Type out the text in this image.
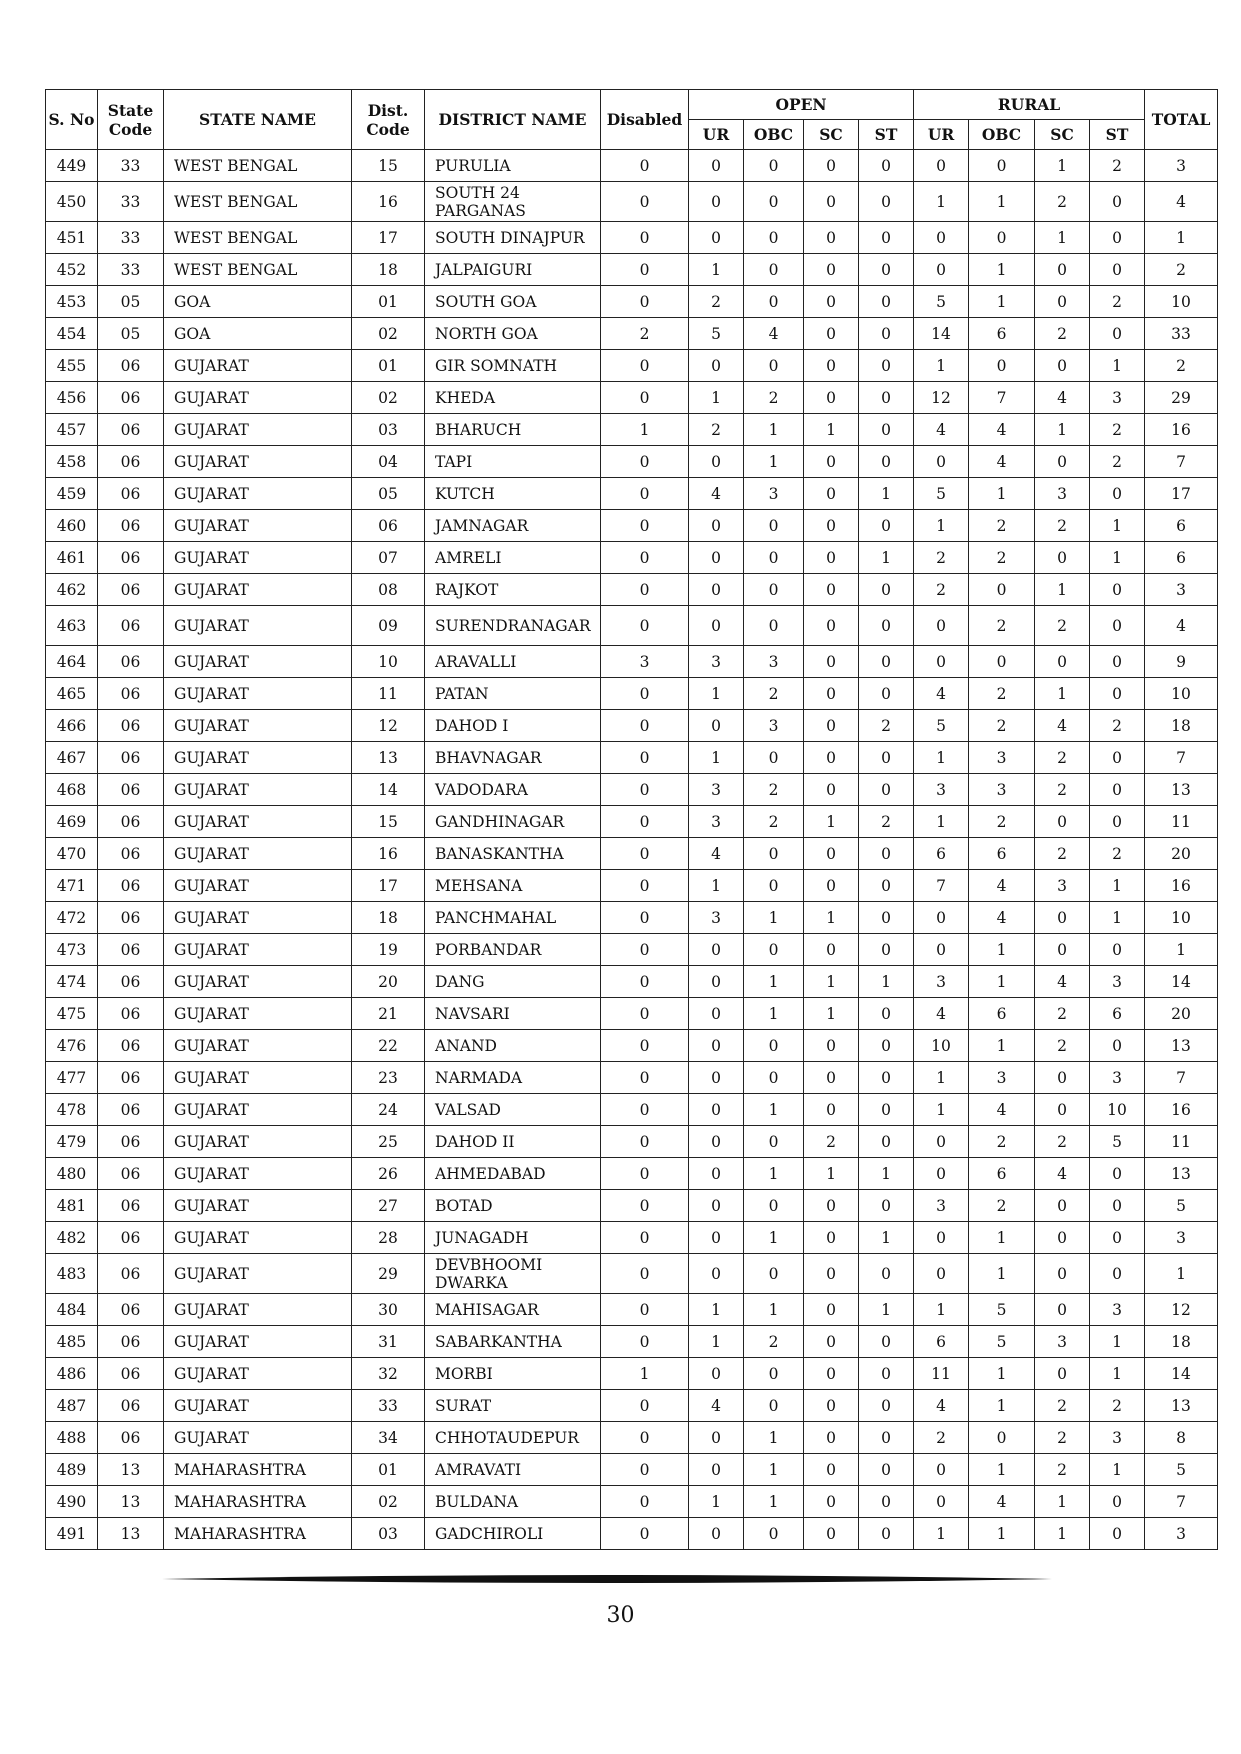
S. No	State Code	STATE NAME	Dist. Code	DISTRICT NAME	Disabled	OPEN				RURAL				TOTAL
						UR	OBC	SC	ST	UR	OBC	SC	ST	
449	33	WEST BENGAL	15	PURULIA	0	0	0	0	0	0	0	1	2	3
450	33	WEST BENGAL	16	SOUTH 24 PARGANAS	0	0	0	0	0	1	1	2	0	4
451	33	WEST BENGAL	17	SOUTH DINAJPUR	0	0	0	0	0	0	0	1	0	1
452	33	WEST BENGAL	18	JALPAIGURI	0	1	0	0	0	0	1	0	0	2
453	05	GOA	01	SOUTH GOA	0	2	0	0	0	5	1	0	2	10
454	05	GOA	02	NORTH GOA	2	5	4	0	0	14	6	2	0	33
455	06	GUJARAT	01	GIR SOMNATH	0	0	0	0	0	1	0	0	1	2
456	06	GUJARAT	02	KHEDA	0	1	2	0	0	12	7	4	3	29
457	06	GUJARAT	03	BHARUCH	1	2	1	1	0	4	4	1	2	16
458	06	GUJARAT	04	TAPI	0	0	1	0	0	0	4	0	2	7
459	06	GUJARAT	05	KUTCH	0	4	3	0	1	5	1	3	0	17
460	06	GUJARAT	06	JAMNAGAR	0	0	0	0	0	1	2	2	1	6
461	06	GUJARAT	07	AMRELI	0	0	0	0	1	2	2	0	1	6
462	06	GUJARAT	08	RAJKOT	0	0	0	0	0	2	0	1	0	3
463	06	GUJARAT	09	SURENDRANAGAR	0	0	0	0	0	0	2	2	0	4
464	06	GUJARAT	10	ARAVALLI	3	3	3	0	0	0	0	0	0	9
465	06	GUJARAT	11	PATAN	0	1	2	0	0	4	2	1	0	10
466	06	GUJARAT	12	DAHOD I	0	0	3	0	2	5	2	4	2	18
467	06	GUJARAT	13	BHAVNAGAR	0	1	0	0	0	1	3	2	0	7
468	06	GUJARAT	14	VADODARA	0	3	2	0	0	3	3	2	0	13
469	06	GUJARAT	15	GANDHINAGAR	0	3	2	1	2	1	2	0	0	11
470	06	GUJARAT	16	BANASKANTHA	0	4	0	0	0	6	6	2	2	20
471	06	GUJARAT	17	MEHSANA	0	1	0	0	0	7	4	3	1	16
472	06	GUJARAT	18	PANCHMAHAL	0	3	1	1	0	0	4	0	1	10
473	06	GUJARAT	19	PORBANDAR	0	0	0	0	0	0	1	0	0	1
474	06	GUJARAT	20	DANG	0	0	1	1	1	3	1	4	3	14
475	06	GUJARAT	21	NAVSARI	0	0	1	1	0	4	6	2	6	20
476	06	GUJARAT	22	ANAND	0	0	0	0	0	10	1	2	0	13
477	06	GUJARAT	23	NARMADA	0	0	0	0	0	1	3	0	3	7
478	06	GUJARAT	24	VALSAD	0	0	1	0	0	1	4	0	10	16
479	06	GUJARAT	25	DAHOD II	0	0	0	2	0	0	2	2	5	11
480	06	GUJARAT	26	AHMEDABAD	0	0	1	1	1	0	6	4	0	13
481	06	GUJARAT	27	BOTAD	0	0	0	0	0	3	2	0	0	5
482	06	GUJARAT	28	JUNAGADH	0	0	1	0	1	0	1	0	0	3
483	06	GUJARAT	29	DEVBHOOMI DWARKA	0	0	0	0	0	0	1	0	0	1
484	06	GUJARAT	30	MAHISAGAR	0	1	1	0	1	1	5	0	3	12
485	06	GUJARAT	31	SABARKANTHA	0	1	2	0	0	6	5	3	1	18
486	06	GUJARAT	32	MORBI	1	0	0	0	0	11	1	0	1	14
487	06	GUJARAT	33	SURAT	0	4	0	0	0	4	1	2	2	13
488	06	GUJARAT	34	CHHOTAUDEPUR	0	0	1	0	0	2	0	2	3	8
489	13	MAHARASHTRA	01	AMRAVATI	0	0	1	0	0	0	1	2	1	5
490	13	MAHARASHTRA	02	BULDANA	0	1	1	0	0	0	4	1	0	7
491	13	MAHARASHTRA	03	GADCHIROLI	0	0	0	0	0	1	1	1	0	3
30
